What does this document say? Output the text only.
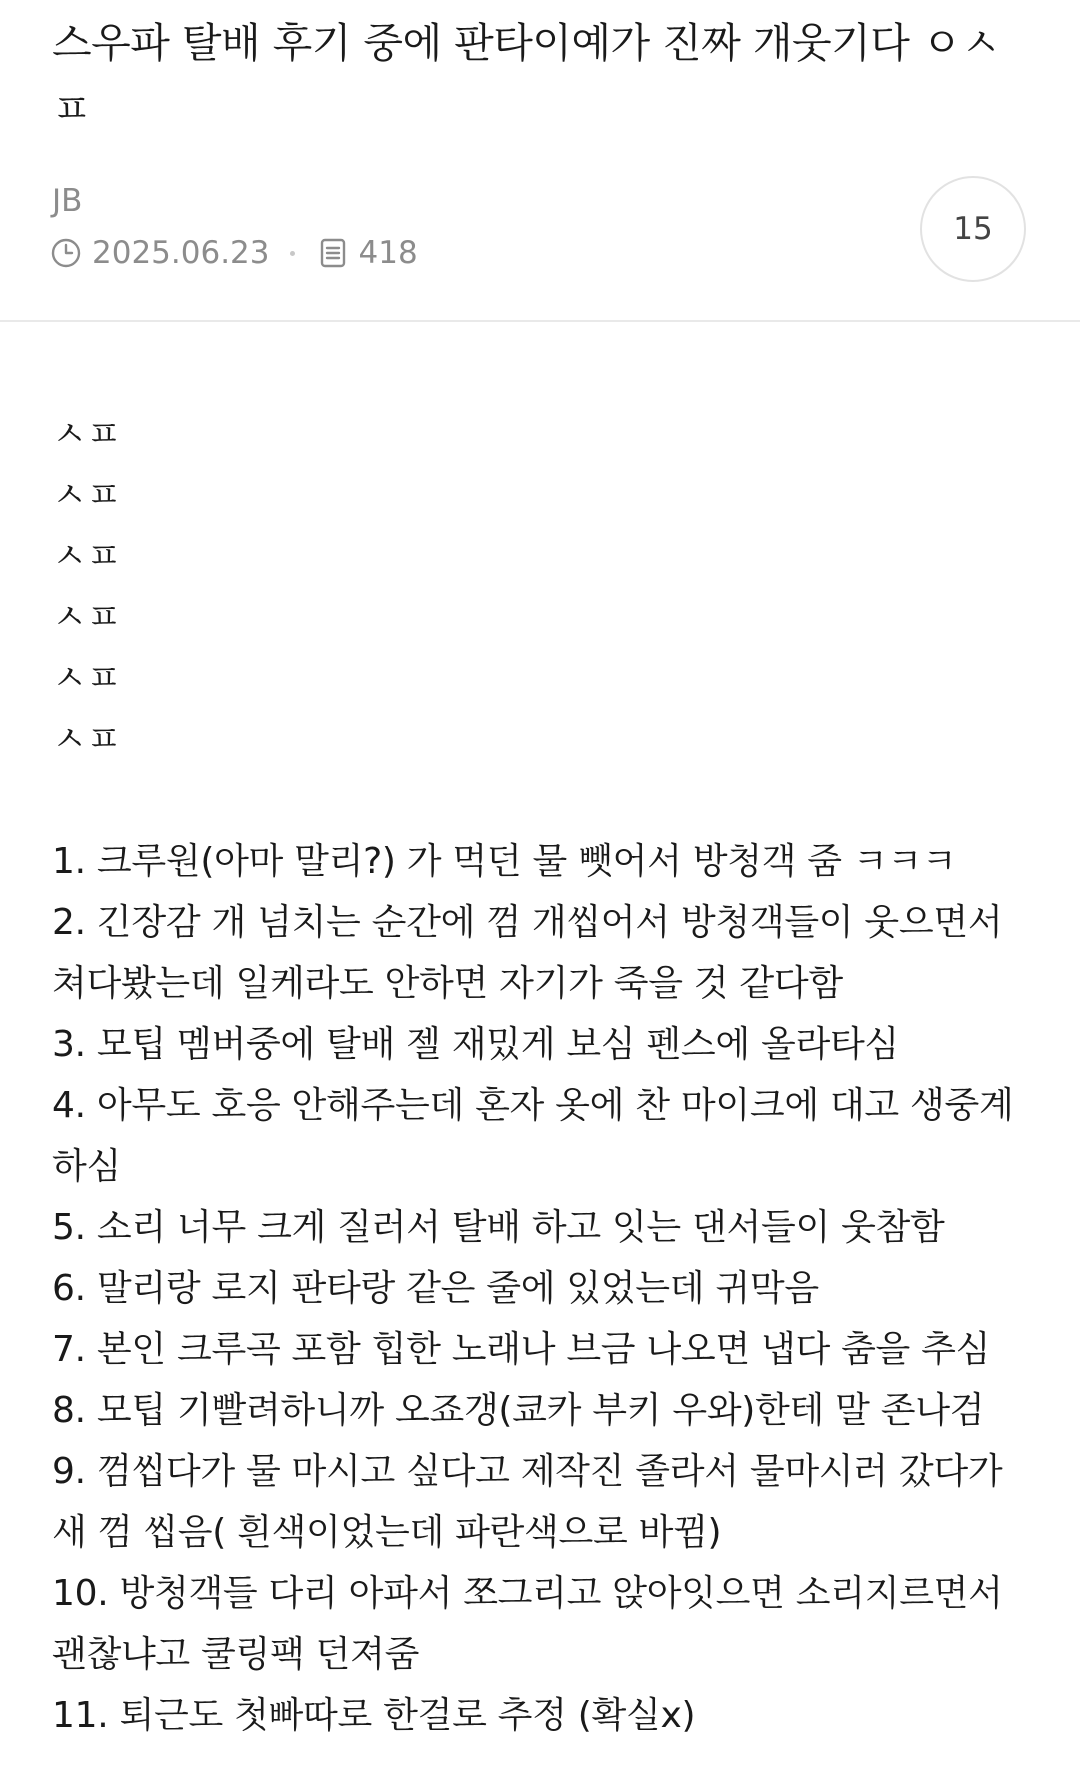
스우파 탈배 후기 중에 판타이예가 진짜 개웃기다 ㅇㅅㅍ
JB
2025.06.23	418
15

ㅅㅍ

ㅅㅍ

ㅅㅍ

ㅅㅍ

ㅅㅍ

ㅅㅍ

1. 크루원(아마 말리?) 가 먹던 물 뺏어서 방청객 줌 ㅋㅋㅋ

2. 긴장감 개 넘치는 순간에 껌 개씹어서 방청객들이 웃으면서

쳐다봤는데 일케라도 안하면 자기가 죽을 것 같다함

3. 모팁 멤버중에 탈배 젤 재밌게 보심 펜스에 올라타심

4. 아무도 호응 안해주는데 혼자 옷에 찬 마이크에 대고 생중계

하심

5. 소리 너무 크게 질러서 탈배 하고 잇는 댄서들이 웃참함

6. 말리랑 로지 판타랑 같은 줄에 있었는데 귀막음

7. 본인 크루곡 포함 힙한 노래나 브금 나오면 냅다 춤을 추심

8. 모팁 기빨려하니까 오죠갱(쿄카 부키 우와)한테 말 존나검

9. 껌씹다가 물 마시고 싶다고 제작진 졸라서 물마시러 갔다가

새 껌 씹음( 흰색이었는데 파란색으로 바뀜)

10. 방청객들 다리 아파서 쪼그리고 앉아잇으면 소리지르면서

괜찮냐고 쿨링팩 던져줌

11. 퇴근도 첫빠따로 한걸로 추정 (확실x)
